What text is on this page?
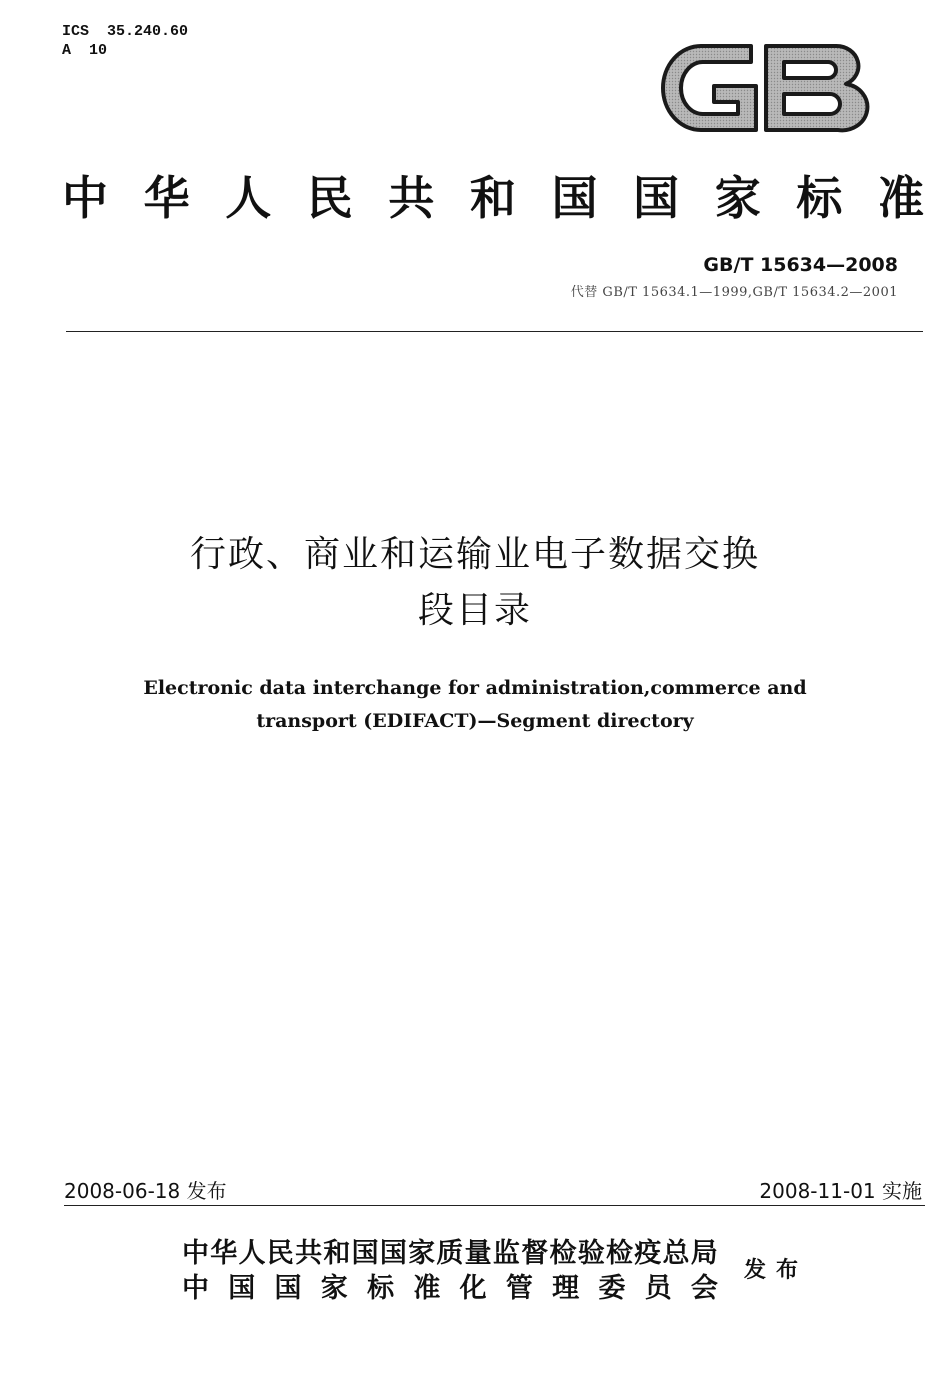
ICS  35.240.60
A  10
中 华 人 民 共 和 国 国 家 标 准
GB/T 15634—2008
代替 GB/T 15634.1—1999,GB/T 15634.2—2001
行政、商业和运输业电子数据交换
段目录
Electronic data interchange for administration,commerce and
transport (EDIFACT)—Segment directory
2008-06-18 发布	2008-11-01 实施
中 华 人 民 共 和 国 国 家 质 量 监 督 检 验 检 疫 总 局
中 国 国 家 标 准 化 管 理 委 员 会
发布
